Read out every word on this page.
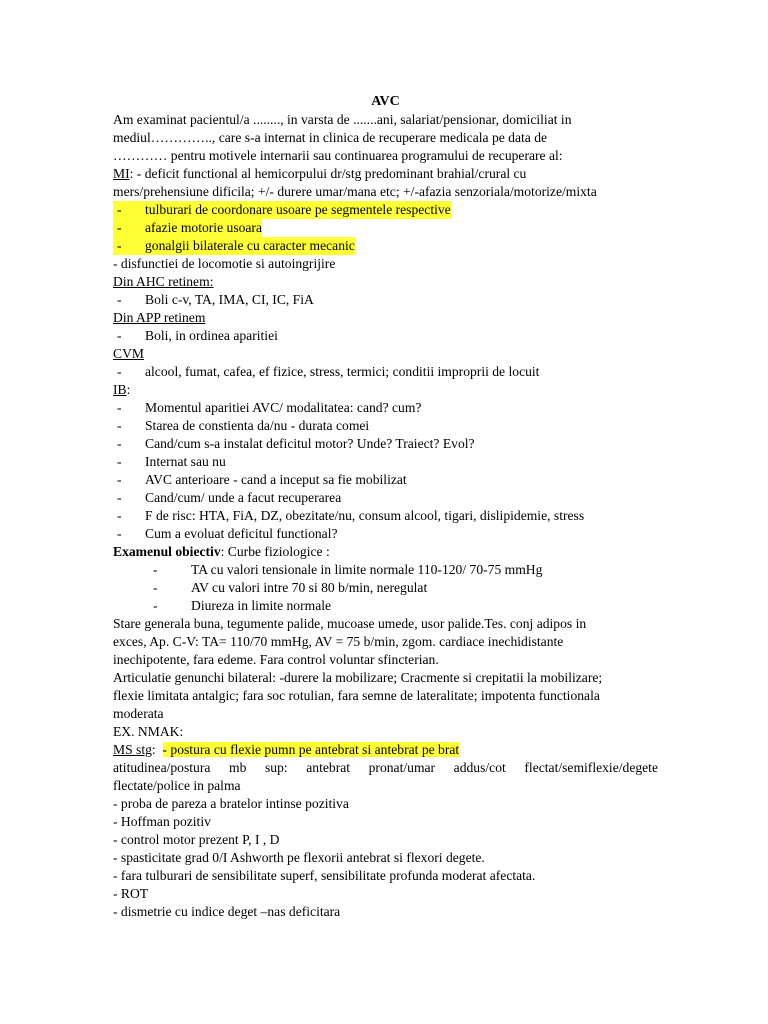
AVC
Am examinat pacientul/a ........, in varsta de .......ani, salariat/pensionar, domiciliat in
mediul………….., care s-a internat in clinica de recuperare medicala pe data de
………… pentru motivele internarii sau continuarea programului de recuperare al:
MI: - deficit functional al hemicorpului dr/stg predominant brahial/crural cu
mers/prehensiune dificila; +/- durere umar/mana etc; +/-afazia senzoriala/motorize/mixta
-	tulburari de coordonare usoare pe segmentele respective
-	afazie motorie usoara
-	gonalgii bilaterale cu caracter mecanic
- disfunctiei de locomotie si autoingrijire
Din AHC retinem:
-	Boli c-v, TA, IMA, CI, IC, FiA
Din APP retinem
-	Boli, in ordinea aparitiei
CVM
-	alcool, fumat, cafea, ef fizice, stress, termici; conditii improprii de locuit
IB:
-	Momentul aparitiei AVC/ modalitatea: cand? cum?
-	Starea de constienta da/nu - durata comei
-	Cand/cum s-a instalat deficitul motor? Unde? Traiect? Evol?
-	Internat sau nu
-	AVC anterioare - cand a inceput sa fie mobilizat
-	Cand/cum/ unde a facut recuperarea
-	F de risc: HTA, FiA, DZ, obezitate/nu, consum alcool, tigari, dislipidemie, stress
-	Cum a evoluat deficitul functional?
Examenul obiectiv: Curbe fiziologice :
-	TA cu valori tensionale in limite normale 110-120/ 70-75 mmHg
-	AV cu valori intre 70 si 80 b/min, neregulat
-	Diureza in limite normale
Stare generala buna, tegumente palide, mucoase umede, usor palide.Tes. conj adipos in
exces, Ap. C-V: TA= 110/70 mmHg, AV = 75 b/min, zgom. cardiace inechidistante
inechipotente, fara edeme. Fara control voluntar sfincterian.
Articulatie genunchi bilateral: -durere la mobilizare; Cracmente si crepitatii la mobilizare;
flexie limitata antalgic; fara soc rotulian, fara semne de lateralitate; impotenta functionala
moderata
EX. NMAK:
MS stg: - postura cu flexie pumn pe antebrat si antebrat pe brat
atitudinea/postura mb sup: antebrat pronat/umar addus/cot flectat/semiflexie/degete
flectate/police in palma
- proba de pareza a bratelor intinse pozitiva
- Hoffman pozitiv
- control motor prezent P, I , D
- spasticitate grad 0/I Ashworth pe flexorii antebrat si flexori degete.
- fara tulburari de sensibilitate superf, sensibilitate profunda moderat afectata.
- ROT
- dismetrie cu indice deget –nas deficitara
